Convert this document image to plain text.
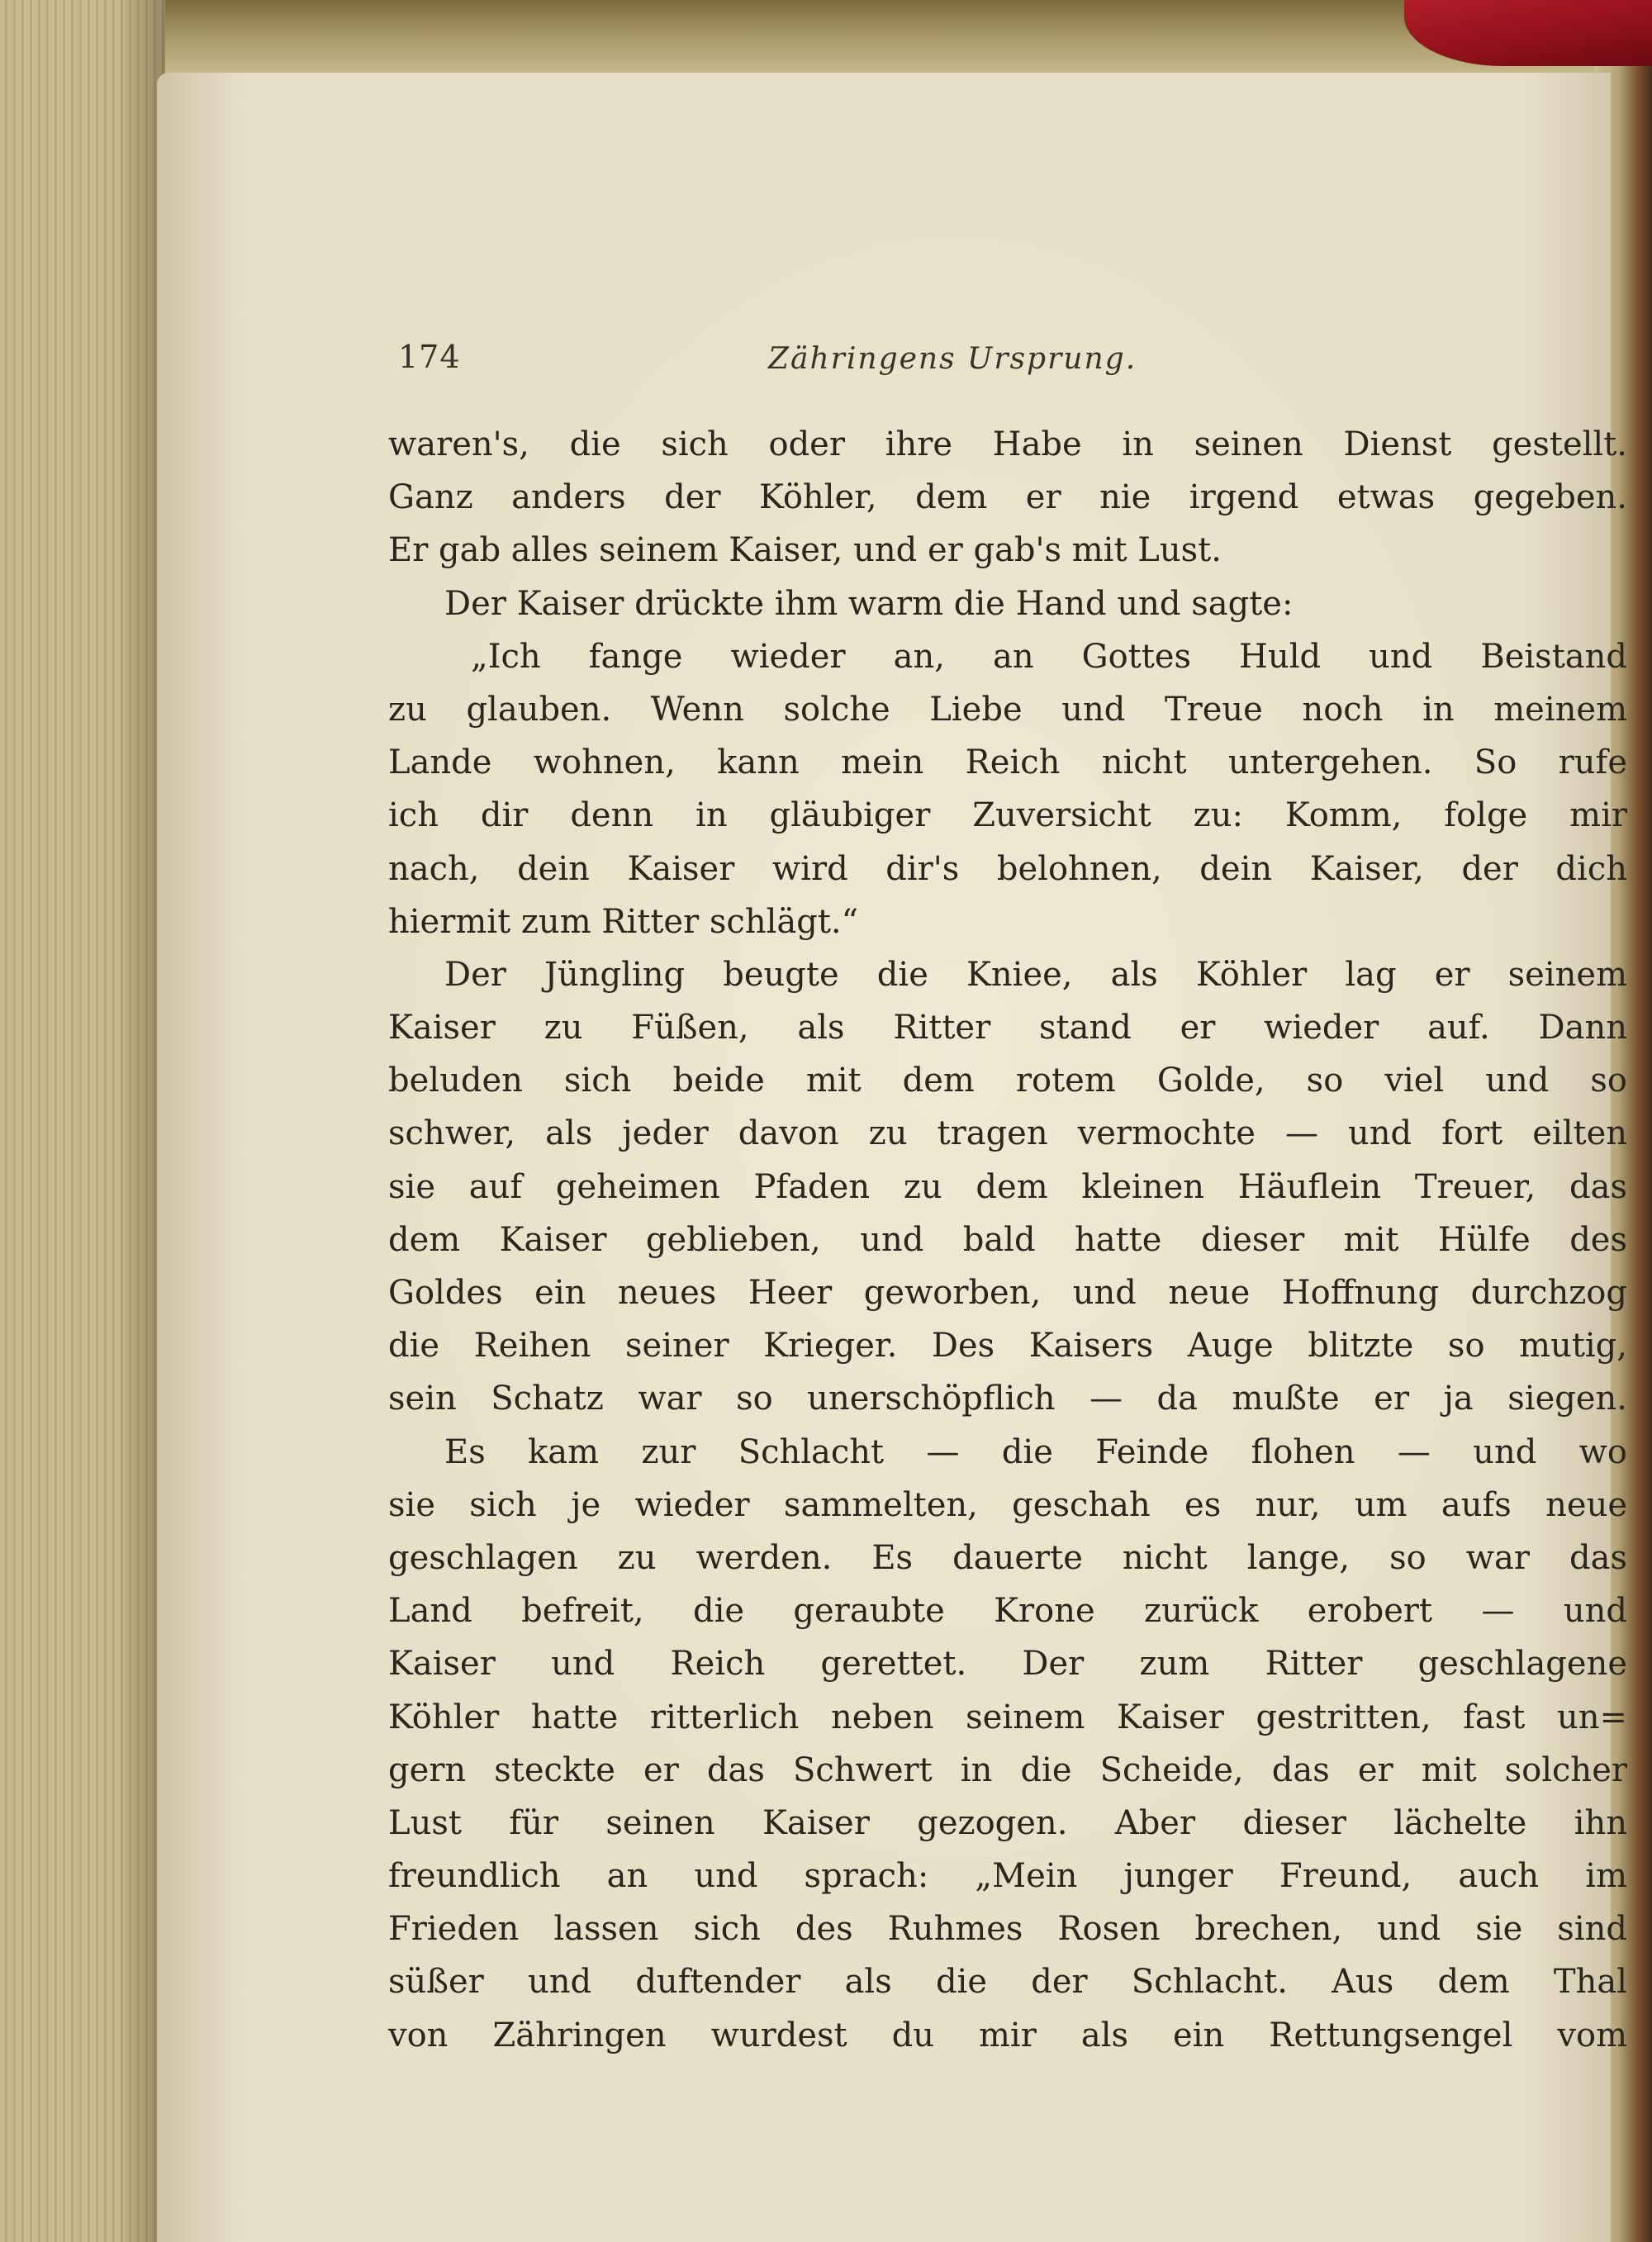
174	Zähringens Ursprung.
waren's, die sich oder ihre Habe in seinen Dienst gestellt.
Ganz anders der Köhler, dem er nie irgend etwas gegeben.
Er gab alles seinem Kaiser, und er gab's mit Lust.
Der Kaiser drückte ihm warm die Hand und sagte:
„Ich fange wieder an, an Gottes Huld und Beistand
zu glauben. Wenn solche Liebe und Treue noch in meinem
Lande wohnen, kann mein Reich nicht untergehen. So rufe
ich dir denn in gläubiger Zuversicht zu: Komm, folge mir
nach, dein Kaiser wird dir's belohnen, dein Kaiser, der dich
hiermit zum Ritter schlägt.“
Der Jüngling beugte die Kniee, als Köhler lag er seinem
Kaiser zu Füßen, als Ritter stand er wieder auf. Dann
beluden sich beide mit dem rotem Golde, so viel und so
schwer, als jeder davon zu tragen vermochte — und fort eilten
sie auf geheimen Pfaden zu dem kleinen Häuflein Treuer, das
dem Kaiser geblieben, und bald hatte dieser mit Hülfe des
Goldes ein neues Heer geworben, und neue Hoffnung durchzog
die Reihen seiner Krieger. Des Kaisers Auge blitzte so mutig,
sein Schatz war so unerschöpflich — da mußte er ja siegen.
Es kam zur Schlacht — die Feinde flohen — und wo
sie sich je wieder sammelten, geschah es nur, um aufs neue
geschlagen zu werden. Es dauerte nicht lange, so war das
Land befreit, die geraubte Krone zurück erobert — und
Kaiser und Reich gerettet. Der zum Ritter geschlagene
Köhler hatte ritterlich neben seinem Kaiser gestritten, fast un=
gern steckte er das Schwert in die Scheide, das er mit solcher
Lust für seinen Kaiser gezogen. Aber dieser lächelte ihn
freundlich an und sprach: „Mein junger Freund, auch im
Frieden lassen sich des Ruhmes Rosen brechen, und sie sind
süßer und duftender als die der Schlacht. Aus dem Thal
von Zähringen wurdest du mir als ein Rettungsengel vom
